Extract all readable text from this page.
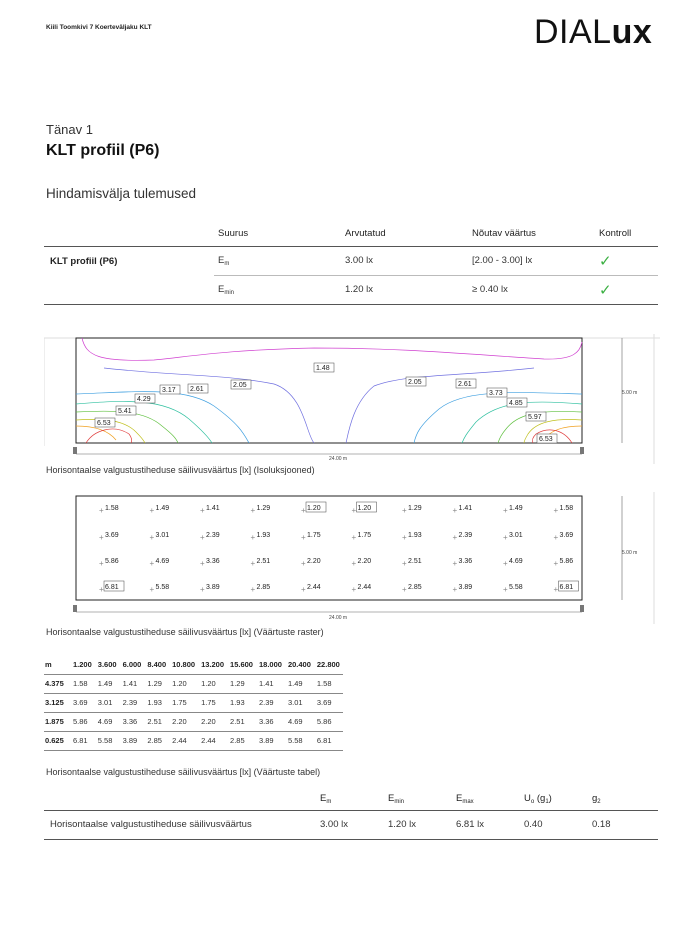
Kiili Toomkivi 7 Koerteväljaku KLT	DIALux
Tänav 1
KLT profiil (P6)
Hindamisvälja tulemused
	Suurus	Arvutatud	Nõutav väärtus	Kontroll
KLT profiil (P6)	$E_m$	3.00 lx	[2.00 - 3.00] lx	✓
	$E_{min}$	1.20 lx	≥ 0.40 lx	✓
1.48
2.05	2.05
2.61
2.61
3.17	3.73
4.29
4.85
5.41
5.97
6.53
6.53
24.00 m
5.00 m
Horisontaalse valgustustiheduse säilivusväärtus [lx] (Isoluksjooned)
+ 1.58	+ 1.49	+ 1.41	+ 1.29	+ 1.20	+ 1.20	+ 1.29	+ 1.41	+ 1.49	+ 1.58
+ 3.69	+ 3.01	+ 2.39	+ 1.93	+ 1.75	+ 1.75	+ 1.93	+ 2.39	+ 3.01	+ 3.69
+ 5.86	+ 4.69	+ 3.36	+ 2.51	+ 2.20	+ 2.20	+ 2.51	+ 3.36	+ 4.69	+ 5.86
+ 6.81	+ 5.58	+ 3.89	+ 2.85	+ 2.44	+ 2.44	+ 2.85	+ 3.89	+ 5.58	+ 6.81
24.00 m
5.00 m
Horisontaalse valgustustiheduse säilivusväärtus [lx] (Väärtuste raster)
m	1.200	3.600	6.000	8.400	10.800	13.200	15.600	18.000	20.400	22.800
4.375	1.58	1.49	1.41	1.29	1.20	1.20	1.29	1.41	1.49	1.58
3.125	3.69	3.01	2.39	1.93	1.75	1.75	1.93	2.39	3.01	3.69
1.875	5.86	4.69	3.36	2.51	2.20	2.20	2.51	3.36	4.69	5.86
0.625	6.81	5.58	3.89	2.85	2.44	2.44	2.85	3.89	5.58	6.81
Horisontaalse valgustustiheduse säilivusväärtus [lx] (Väärtuste tabel)
	$E_m$	$E_{min}$	$E_{max}$	$U_o$ $(g_1)$	$g_2$
Horisontaalse valgustustiheduse säilivusväärtus	3.00 lx	1.20 lx	6.81 lx	0.40	0.18
